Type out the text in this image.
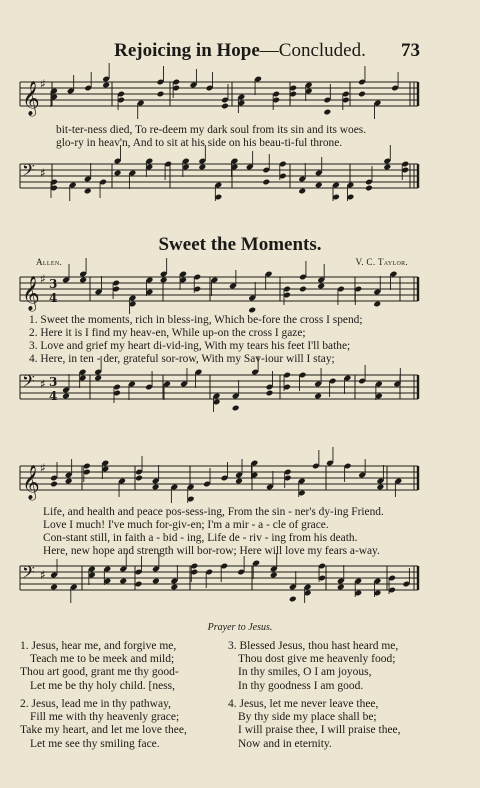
Rejoicing in Hope—Concluded.	73
𝄞 ♯
𝄢 ♯
𝄞 ♯ 3
4
𝄢 ♯ 3
4
𝄞 ♯
𝄢 ♯
bit-ter-ness died, To re-deem my dark soul from its sin and its woes.
glo-ry in heav'n, And to sit at his side on his beau-ti-ful throne.
Sweet the Moments.
Allen.	V. C. Taylor.
1. Sweet the moments, rich in bless-ing, Which be-fore the cross I spend;
2. Here it is I find my heav-en, While up-on the cross I gaze;
3. Love and grief my heart di-vid-ing, With my tears his feet I'll bathe;
4. Here, in ten - der, grateful sor-row, With my Sav-iour will I stay;
Life, and health and peace pos-sess-ing, From the sin - ner's dy-ing Friend.
Love I much! I've much for-giv-en; I'm a mir - a - cle of grace.
Con-stant still, in faith a - bid - ing, Life de - riv - ing from his death.
Here, new hope and strength will bor-row; Here will love my fears a-way.
Prayer to Jesus.
1. Jesus, hear me, and forgive me,
Teach me to be meek and mild;
Thou art good, grant me thy good-
Let me be thy holy child. [ness,
2. Jesus, lead me in thy pathway,
Fill me with thy heavenly grace;
Take my heart, and let me love thee,
Let me see thy smiling face.
3. Blessed Jesus, thou hast heard me,
Thou dost give me heavenly food;
In thy smiles, O I am joyous,
In thy goodness I am good.
4. Jesus, let me never leave thee,
By thy side my place shall be;
I will praise thee, I will praise thee,
Now and in eternity.
